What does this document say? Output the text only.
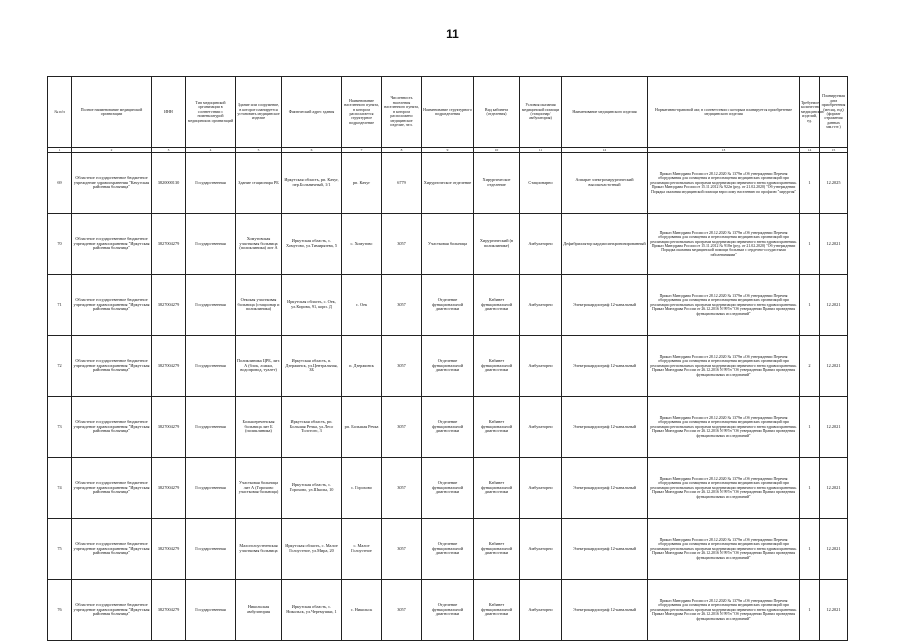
11
№ п/п	Полное наименование медицинской организации	ИНН	Тип медицинской организации в соответствии с номенклатурой медицинских организаций	Здание или сооружение, в которое планируется установить медицинское изделие	Фактический адрес здания	Наименование населенного пункта, в котором располагается структурное подразделение	Численность населения населенного пункта, в котором расположено медицинское изделие, чел.	Наименование структурного подразделения	Вид кабинета (отделения)	Условия оказания медицинской помощи (стационар/амбулатория)	Наименование медицинского изделия	Нормативно-правовой акт, в соответствии с которым планируется приобретение медицинского изделия	Требуемое количество медицинских изделий, ед.	Планируемая дата приобретения (месяц, год) (формат отражения данных мм.гггг.)
1	2	3	4	5	6	7	8	9	10	11	12	13	14	15
69	Областное государственное бюджетное учреждение здравоохранения "Качугская районная больница"	3820000130	Государственная	Здание стационара РБ	Иркутская область, рп. Качуг, пер.Больничный, 1/1	рп. Качуг	6779	Хирургическое отделение	Хирургическое отделение	Стационарно	Аппарат электрохирургический высокочастотный	Приказ Минздрава России от 28.12.2020 № 1379н «Об утверждении Перечня оборудования для оснащения и переоснащения медицинских организаций при реализации региональных программ модернизации первичного звена здравоохранения» Приказ Минздрава России от 15.11.2012 № 922н (ред. от 21.02.2020) "Об утверждении Порядка оказания медицинской помощи взрослому населению по профилю "хирургия"	1	12.2025
70	Областное государственное бюджетное учреждение здравоохранения "Иркутская районная больница"	3827004279	Государственная	Хомутовская участковая больница (поликлиника) лит А	Иркутская область, с. Хомутово, ул.Тимирязева, 5	с. Хомутово	3057	Участковая больница	Хирургический (в поликлинике)	Амбулаторно	Дефибриллятор кардиосинхронизированный	Приказ Минздрава России от 28.12.2020 № 1379н «Об утверждении Перечня оборудования для оснащения и переоснащения медицинских организаций при реализации региональных программ модернизации первичного звена здравоохранения» Приказ Минздрава России от 15.11.2012 № 918н (ред. от 21.02.2020) "Об утверждении Порядка оказания медицинской помощи больным с сердечно-сосудистыми заболеваниями"	1	12.2021
71	Областное государственное бюджетное учреждение здравоохранения "Иркутская районная больница"	3827004279	Государственная	Оекская участковая больница (стационар и поликлиника)	Иркутская область, с. Оек, ул.Кирова, 91, корп. Д	с. Оек	3057	Отделение функциональной диагностики	Кабинет функциональной диагностики	Амбулаторно	Электрокардиограф 12-канальный	Приказ Минздрава России от 28.12.2020 № 1379н «Об утверждении Перечня оборудования для оснащения и переоснащения медицинских организаций при реализации региональных программ модернизации первичного звена здравоохранения» Приказ Минздрава России от 26.12.2016 N 997н "Об утверждении Правил проведения функциональных исследований"	1	12.2021
72	Областное государственное бюджетное учреждение здравоохранения "Иркутская районная больница"	3827004279	Государственная	Поликлиника ЦРБ, лит. А (блок, ложки, водопровод, туалет)	Иркутская область, п. Дзержинск, ул.Центральная, 3Б	п. Дзержинск	3057	Отделение функциональной диагностики	Кабинет функциональной диагностики	Амбулаторно	Электрокардиограф 12-канальный	Приказ Минздрава России от 28.12.2020 № 1379н «Об утверждении Перечня оборудования для оснащения и переоснащения медицинских организаций при реализации региональных программ модернизации первичного звена здравоохранения» Приказ Минздрава России от 26.12.2016 N 997н "Об утверждении Правил проведения функциональных исследований"	2	12.2021
73	Областное государственное бюджетное учреждение здравоохранения "Иркутская районная больница"	3827004279	Государственная	Большереченская больница лит Б (поликлиника)	Иркутская область, рп. Большая Речка, ул.Лесо Толстого, 3	рп. Большая Речка	3057	Отделение функциональной диагностики	Кабинет функциональной диагностики	Амбулаторно	Электрокардиограф 12-канальный	Приказ Минздрава России от 28.12.2020 № 1379н «Об утверждении Перечня оборудования для оснащения и переоснащения медицинских организаций при реализации региональных программ модернизации первичного звена здравоохранения» Приказ Минздрава России от 26.12.2016 N 997н "Об утверждении Правил проведения функциональных исследований"	1	12.2021
74	Областное государственное бюджетное учреждение здравоохранения "Иркутская районная больница"	3827004279	Государственная	Участковая больница лит А (Горохово участковая больница)	Иркутская область, с. Горохово, ул.Школы, 10	с. Горохово	3057	Отделение функциональной диагностики	Кабинет функциональной диагностики	Амбулаторно	Электрокардиограф 12-канальный	Приказ Минздрава России от 28.12.2020 № 1379н «Об утверждении Перечня оборудования для оснащения и переоснащения медицинских организаций при реализации региональных программ модернизации первичного звена здравоохранения» Приказ Минздрава России от 26.12.2016 N 997н "Об утверждении Правил проведения функциональных исследований"	1	12.2021
75	Областное государственное бюджетное учреждение здравоохранения "Иркутская районная больница"	3827004279	Государственная	Малоголоустненская участковая больница	Иркутская область, с. Малое Голоустное, ул.Мира, 20	с. Малое Голоустное	3057	Отделение функциональной диагностики	Кабинет функциональной диагностики	Амбулаторно	Электрокардиограф 12-канальный	Приказ Минздрава России от 28.12.2020 № 1379н «Об утверждении Перечня оборудования для оснащения и переоснащения медицинских организаций при реализации региональных программ модернизации первичного звена здравоохранения» Приказ Минздрава России от 26.12.2016 N 997н "Об утверждении Правил проведения функциональных исследований"	1	12.2021
76	Областное государственное бюджетное учреждение здравоохранения "Иркутская районная больница"	3827004279	Государственная	Никольская амбулатория	Иркутская область, с. Никольск, ул.Черемушки, 1	с. Никольск	3057	Отделение функциональной диагностики	Кабинет функциональной диагностики	Амбулаторно	Электрокардиограф 12-канальный	Приказ Минздрава России от 28.12.2020 № 1379н «Об утверждении Перечня оборудования для оснащения и переоснащения медицинских организаций при реализации региональных программ модернизации первичного звена здравоохранения» Приказ Минздрава России от 26.12.2016 N 997н "Об утверждении Правил проведения функциональных исследований"	1	12.2021
